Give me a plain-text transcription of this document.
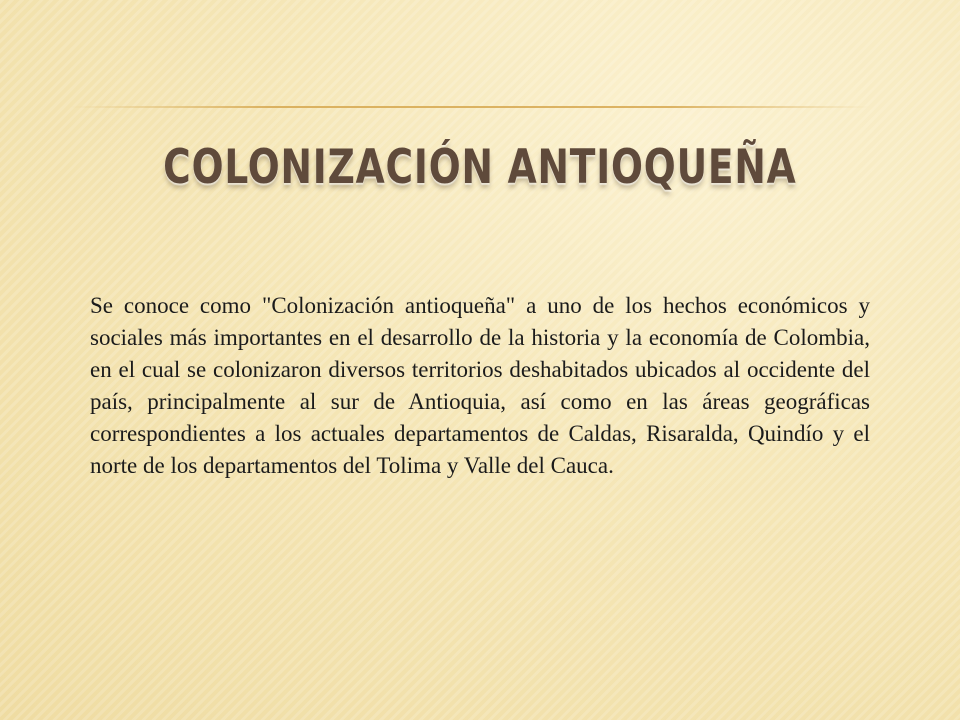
COLONIZACIÓN ANTIOQUEÑA

Se conoce como "Colonización antioqueña" a uno de los hechos económicos y sociales más importantes en el desarrollo de la historia y la economía de Colombia, en el cual se colonizaron diversos territorios deshabitados ubicados al occidente del país, principalmente al sur de Antioquia, así como en las áreas geográficas correspondientes a los actuales departamentos de Caldas, Risaralda, Quindío y el norte de los departamentos del Tolima y Valle del Cauca.
